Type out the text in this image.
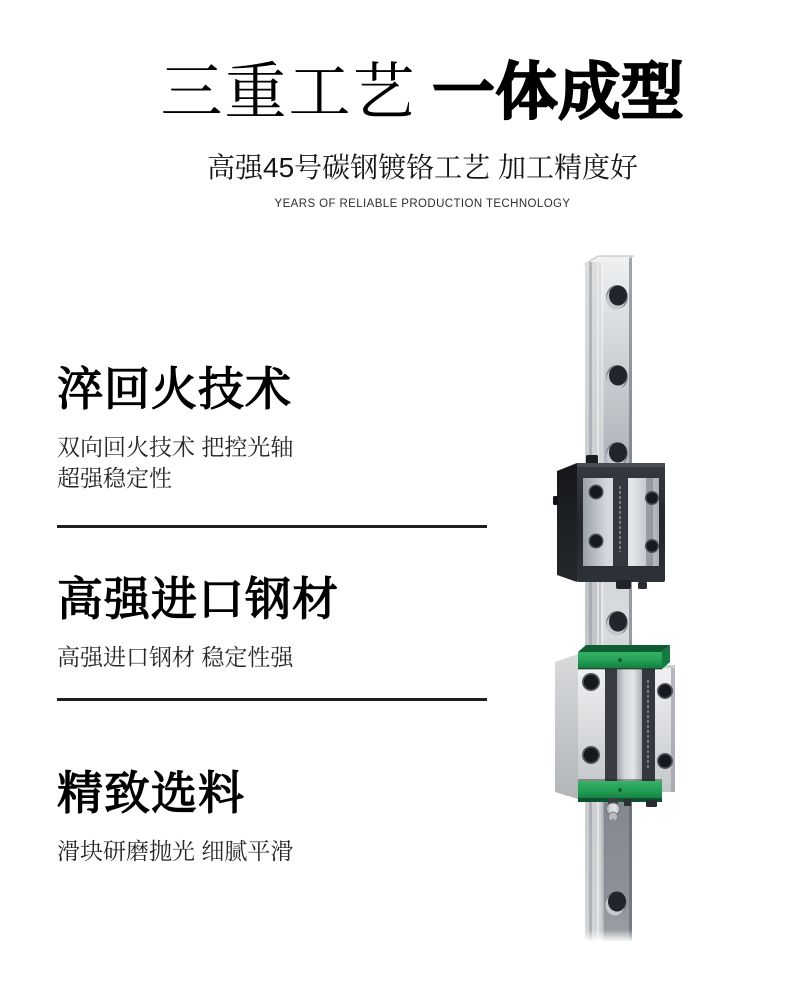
三重工艺 一体成型

高强45号碳钢镀铬工艺 加工精度好

YEARS OF RELIABLE PRODUCTION TECHNOLOGY

淬回火技术

双向回火技术 把控光轴

超强稳定性

高强进口钢材

高强进口钢材 稳定性强

精致选料

滑块研磨抛光 细腻平滑
